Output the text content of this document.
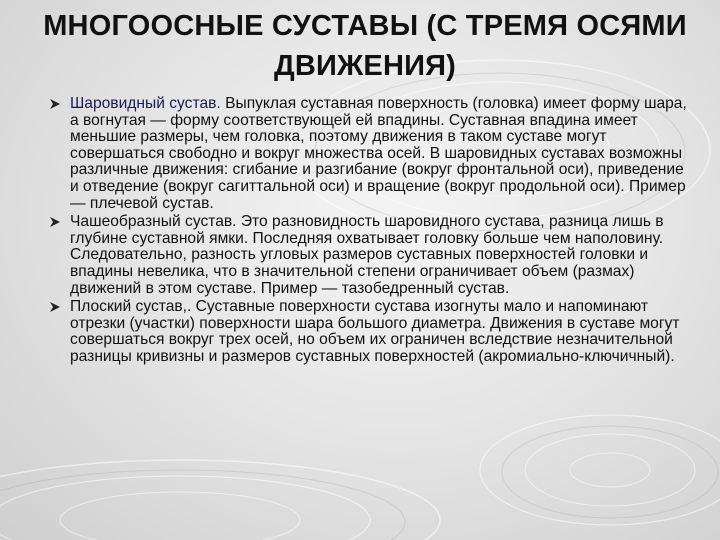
МНОГООСНЫЕ СУСТАВЫ (С ТРЕМЯ ОСЯМИ ДВИЖЕНИЯ)
Шаровидный сустав. Выпуклая суставная поверхность (головка) имеет форму шара, а вогнутая — форму соответствующей ей впадины. Суставная впадина имеет меньшие размеры, чем головка, поэтому движения в таком суставе могут совершаться свободно и вокруг множества осей. В шаровидных суставах возможны различные движения: сгибание и разгибание (вокруг фронтальной оси), приведение и отведение (вокруг сагиттальной оси) и вращение (вокруг продольной оси). Пример — плечевой сустав.
Чашеобразный сустав. Это разновидность шаровидного сустава, разница лишь в глубине суставной ямки. Последняя охватывает головку больше чем наполовину. Следовательно, разность угловых размеров суставных поверхностей головки и впадины невелика, что в значительной степени ограничивает объем (размах) движений в этом суставе. Пример — тазобедренный сустав.
Плоский сустав,. Суставные поверхности сустава изогнуты мало и напоминают отрезки (участки) поверхности шара большого диаметра. Движения в суставе могут совершаться вокруг трех осей, но объем их ограничен вследствие незначительной разницы кривизны и размеров суставных поверхностей (акромиально-ключичный).
